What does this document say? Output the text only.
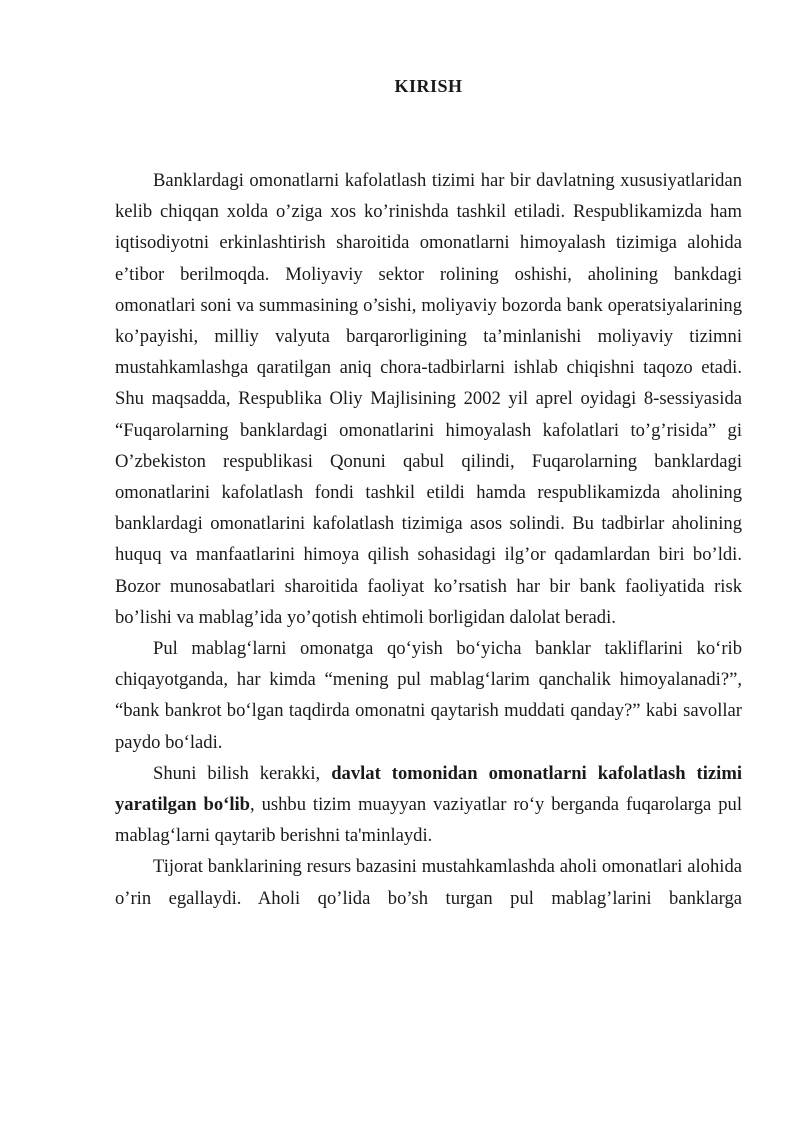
KIRISH

Banklardagi omonatlarni kafolatlash tizimi har bir davlatning xususiyatlaridan kelib chiqqan xolda o’ziga xos ko’rinishda tashkil etiladi. Respublikamizda ham iqtisodiyotni erkinlashtirish sharoitida omonatlarni himoyalash tizimiga alohida e’tibor berilmoqda. Moliyaviy sektor rolining oshishi, aholining bankdagi omonatlari soni va summasining o’sishi, moliyaviy bozorda bank operatsiyalarining ko’payishi, milliy valyuta barqarorligining ta’minlanishi moliyaviy tizimni mustahkamlashga qaratilgan aniq chora-tadbirlarni ishlab chiqishni taqozo etadi. Shu maqsadda, Respublika Oliy Majlisining 2002 yil aprel oyidagi 8-sessiyasida “Fuqarolarning banklardagi omonatlarini himoyalash kafolatlari to’g’risida” gi O’zbekiston respublikasi Qonuni qabul qilindi, Fuqarolarning banklardagi omonatlarini kafolatlash fondi tashkil etildi hamda respublikamizda aholining banklardagi omonatlarini kafolatlash tizimiga asos solindi. Bu tadbirlar aholining huquq va manfaatlarini himoya qilish sohasidagi ilg’or qadamlardan biri bo’ldi. Bozor munosabatlari sharoitida faoliyat ko’rsatish har bir bank faoliyatida risk bo’lishi va mablag’ida yo’qotish ehtimoli borligidan dalolat beradi.

Pul mablag‘larni omonatga qo‘yish bo‘yicha banklar takliflarini ko‘rib chiqayotganda, har kimda “mening pul mablag‘larim qanchalik himoyalanadi?”, “bank bankrot bo‘lgan taqdirda omonatni qaytarish muddati qanday?” kabi savollar paydo bo‘ladi.

Shuni bilish kerakki, davlat tomonidan omonatlarni kafolatlash tizimi yaratilgan bo‘lib, ushbu tizim muayyan vaziyatlar ro‘y berganda fuqarolarga pul mablag‘larni qaytarib berishni ta'minlaydi.

Tijorat banklarining resurs bazasini mustahkamlashda aholi omonatlari alohida o’rin egallaydi. Aholi qo’lida bo’sh turgan pul mablag’larini banklarga
